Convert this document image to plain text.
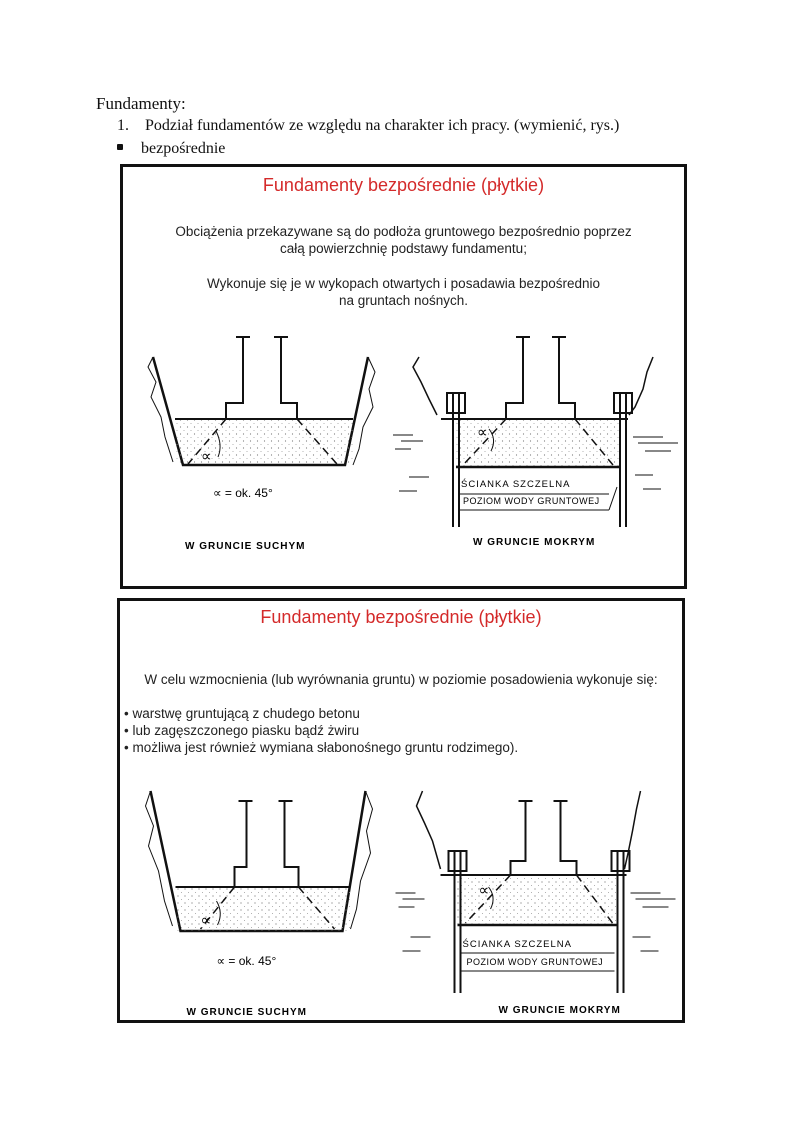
Fundamenty:
1. Podział fundamentów ze względu na charakter ich pracy. (wymienić, rys.)
bezpośrednie
Fundamenty bezpośrednie (płytkie)
Obciążenia przekazywane są do podłoża gruntowego bezpośrednio poprzez
całą powierzchnię podstawy fundamentu;
Wykonuje się je w wykopach otwartych i posadawia bezpośrednio
na gruntach nośnych.
∝
∝ = ok. 45°
W GRUNCIE SUCHYM
∝
ŚCIANKA SZCZELNA
POZIOM WODY GRUNTOWEJ
W GRUNCIE MOKRYM
Fundamenty bezpośrednie (płytkie)
W celu wzmocnienia (lub wyrównania gruntu) w poziomie posadowienia wykonuje się:
• warstwę gruntującą z chudego betonu
• lub zagęszczonego piasku bądź żwiru
• możliwa jest również wymiana słabonośnego gruntu rodzimego).
∝
∝ = ok. 45°
W GRUNCIE SUCHYM
∝
ŚCIANKA SZCZELNA
POZIOM WODY GRUNTOWEJ
W GRUNCIE MOKRYM
